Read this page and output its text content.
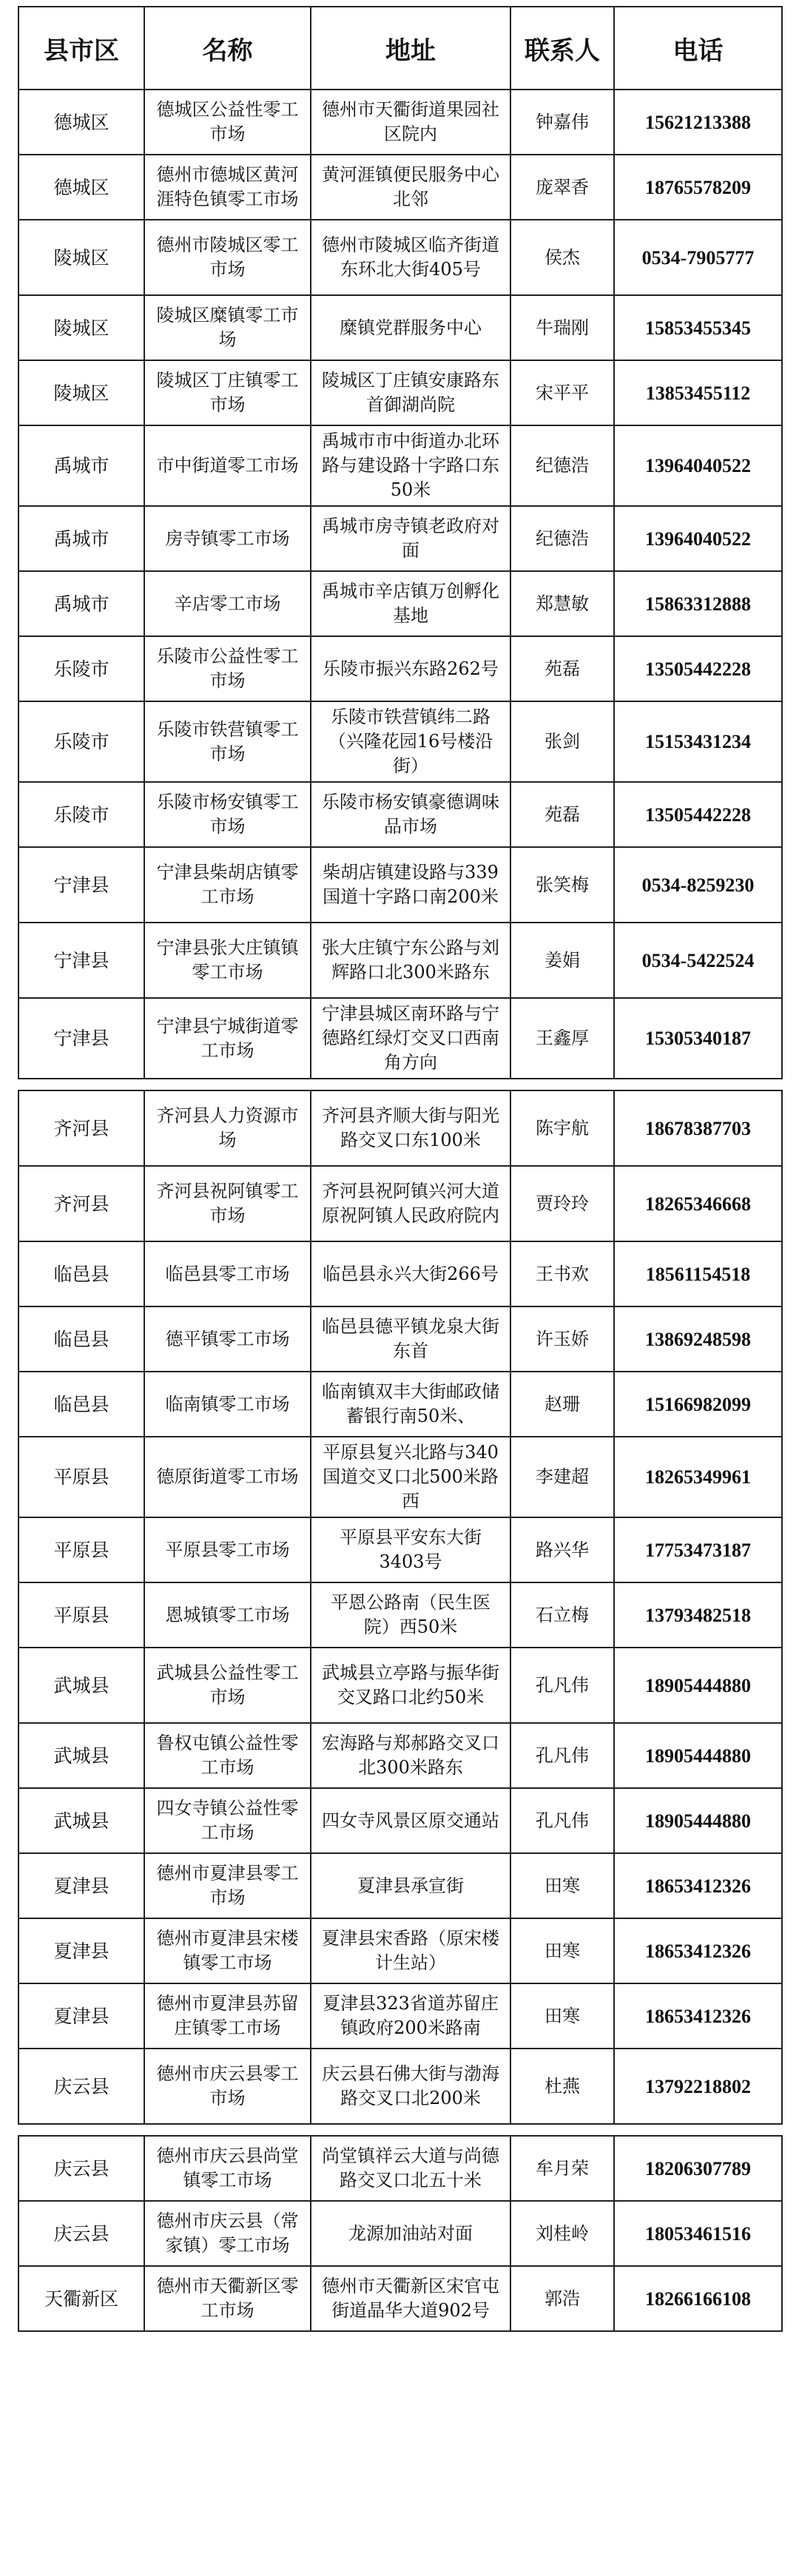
县市区	名称	地址	联系人	电话
德城区	德城区公益性零工市场	德州市天衢街道果园社区院内	钟嘉伟	15621213388
德城区	德州市德城区黄河涯特色镇零工市场	黄河涯镇便民服务中心北邻	庞翠香	18765578209
陵城区	德州市陵城区零工市场	德州市陵城区临齐街道东环北大街405号	侯杰	0534-7905777
陵城区	陵城区糜镇零工市场	糜镇党群服务中心	牛瑞刚	15853455345
陵城区	陵城区丁庄镇零工市场	陵城区丁庄镇安康路东首御湖尚院	宋平平	13853455112
禹城市	市中街道零工市场	禹城市市中街道办北环路与建设路十字路口东50米	纪德浩	13964040522
禹城市	房寺镇零工市场	禹城市房寺镇老政府对面	纪德浩	13964040522
禹城市	辛店零工市场	禹城市辛店镇万创孵化基地	郑慧敏	15863312888
乐陵市	乐陵市公益性零工市场	乐陵市振兴东路262号	苑磊	13505442228
乐陵市	乐陵市铁营镇零工市场	乐陵市铁营镇纬二路（兴隆花园16号楼沿街）	张剑	15153431234
乐陵市	乐陵市杨安镇零工市场	乐陵市杨安镇豪德调味品市场	苑磊	13505442228
宁津县	宁津县柴胡店镇零工市场	柴胡店镇建设路与339国道十字路口南200米	张笑梅	0534-8259230
宁津县	宁津县张大庄镇镇零工市场	张大庄镇宁东公路与刘辉路口北300米路东	姜娟	0534-5422524
宁津县	宁津县宁城街道零工市场	宁津县城区南环路与宁德路红绿灯交叉口西南角方向	王鑫厚	15305340187
齐河县	齐河县人力资源市场	齐河县齐顺大街与阳光路交叉口东100米	陈宇航	18678387703
齐河县	齐河县祝阿镇零工市场	齐河县祝阿镇兴河大道原祝阿镇人民政府院内	贾玲玲	18265346668
临邑县	临邑县零工市场	临邑县永兴大街266号	王书欢	18561154518
临邑县	德平镇零工市场	临邑县德平镇龙泉大街东首	许玉娇	13869248598
临邑县	临南镇零工市场	临南镇双丰大街邮政储蓄银行南50米、	赵珊	15166982099
平原县	德原街道零工市场	平原县复兴北路与340国道交叉口北500米路西	李建超	18265349961
平原县	平原县零工市场	平原县平安东大街3403号	路兴华	17753473187
平原县	恩城镇零工市场	平恩公路南（民生医院）西50米	石立梅	13793482518
武城县	武城县公益性零工市场	武城县立亭路与振华街交叉路口北约50米	孔凡伟	18905444880
武城县	鲁权屯镇公益性零工市场	宏海路与郑郝路交叉口北300米路东	孔凡伟	18905444880
武城县	四女寺镇公益性零工市场	四女寺风景区原交通站	孔凡伟	18905444880
夏津县	德州市夏津县零工市场	夏津县承宣街	田寒	18653412326
夏津县	德州市夏津县宋楼镇零工市场	夏津县宋香路（原宋楼计生站）	田寒	18653412326
夏津县	德州市夏津县苏留庄镇零工市场	夏津县323省道苏留庄镇政府200米路南	田寒	18653412326
庆云县	德州市庆云县零工市场	庆云县石佛大街与渤海路交叉口北200米	杜燕	13792218802
庆云县	德州市庆云县尚堂镇零工市场	尚堂镇祥云大道与尚德路交叉口北五十米	牟月荣	18206307789
庆云县	德州市庆云县（常家镇）零工市场	龙源加油站对面	刘桂岭	18053461516
天衢新区	德州市天衢新区零工市场	德州市天衢新区宋官屯街道晶华大道902号	郭浩	18266166108
